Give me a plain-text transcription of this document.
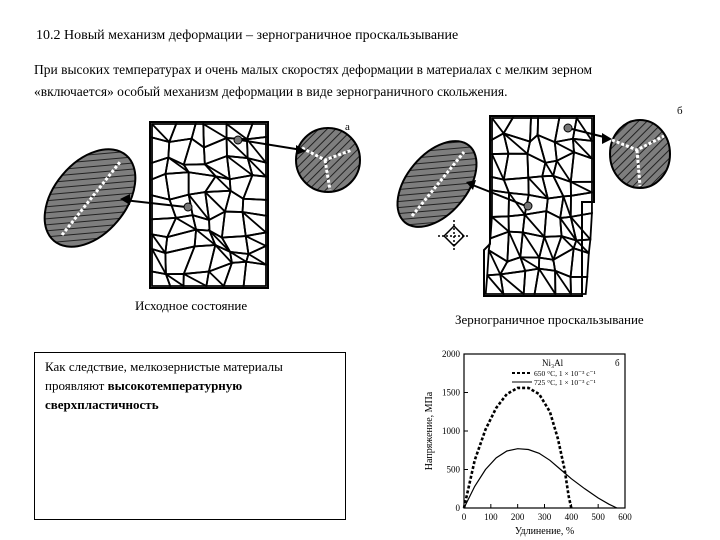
10.2 Новый механизм деформации – зернограничное проскальзывание
При высоких температурах и очень малых скоростях деформации в материалах с мелким зерном
«включается» особый механизм деформации в виде зернограничного скольжения.
а
Исходное состояние
б
Зернограничное проскальзывание
Как следствие, мелкозернистые материалы
проявляют высокотемпературную
сверхпластичность
0 100 200 300 400 500 600
0
500
1000
1500
2000
Удлинение, %
Напряжение, МПа
Ni₃Al	б
650 °С, 1 × 10⁻³ с⁻¹
725 °С, 1 × 10⁻³ с⁻¹
